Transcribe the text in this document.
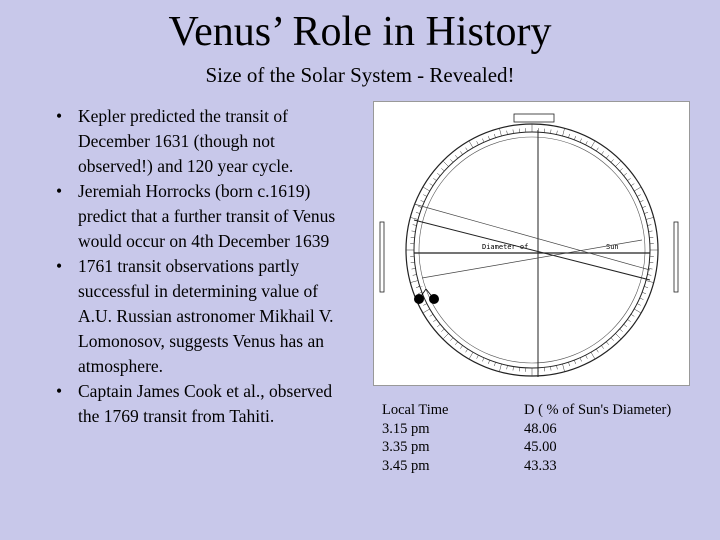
Venus’ Role in History
Size of the Solar System - Revealed!
• Kepler predicted the transit of December 1631 (though not observed!) and 120 year cycle.
• Jeremiah Horrocks (born c.1619) predict that a further transit of Venus would occur on 4th December 1639
• 1761 transit observations partly successful in determining value of A.U. Russian astronomer Mikhail V. Lomonosov, suggests Venus has an atmosphere.
• Captain James Cook et al., observed the 1769 transit from Tahiti.
Diameter of	Sun
· ·
Local Time
3.15 pm
3.35 pm
3.45 pm
D ( % of Sun's Diameter)
48.06
45.00
43.33
